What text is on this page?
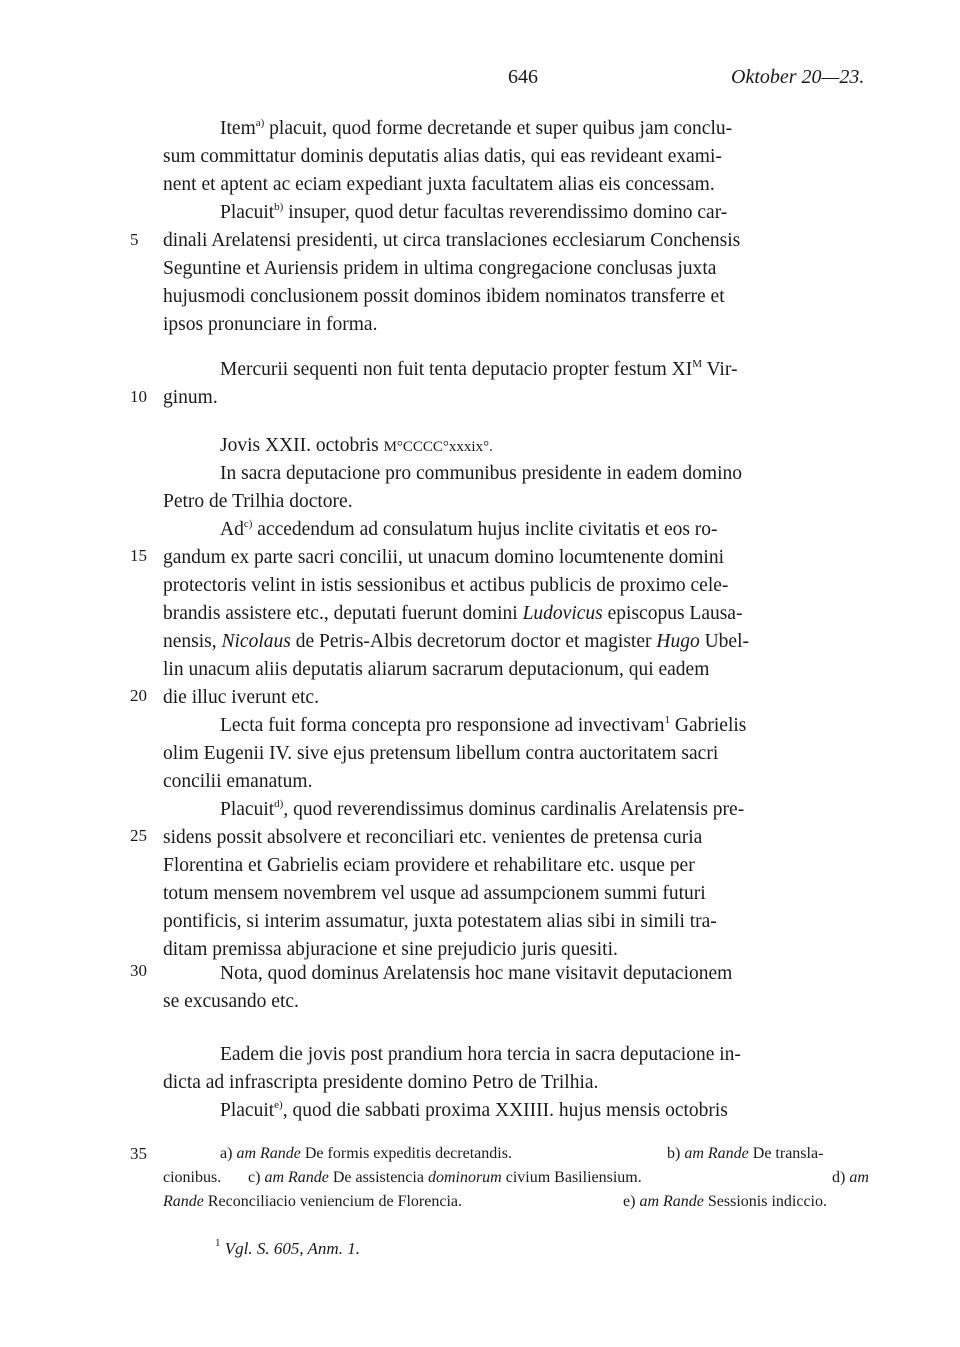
646	Oktober 20—23.
5
10
15
20
25
30
35
Item$^{a)}$ placuit, quod forme decretande et super quibus jam conclu-
sum committatur dominis deputatis alias datis, qui eas revideant exami-
nent et aptent ac eciam expediant juxta facultatem alias eis concessam.
Placuit$^{b)}$ insuper, quod detur facultas reverendissimo domino car-
dinali Arelatensi presidenti, ut circa translaciones ecclesiarum Conchensis
Seguntine et Auriensis pridem in ultima congregacione conclusas juxta
hujusmodi conclusionem possit dominos ibidem nominatos transferre et
ipsos pronunciare in forma.
Mercurii sequenti non fuit tenta deputacio propter festum $XI^M$ Vir-
ginum.
Jovis XXII. octobris M°CCCC°xxxix°.
In sacra deputacione pro communibus presidente in eadem domino
Petro de Trilhia doctore.
Ad$^{c)}$ accedendum ad consulatum hujus inclite civitatis et eos ro-
gandum ex parte sacri concilii, ut unacum domino locumtenente domini
protectoris velint in istis sessionibus et actibus publicis de proximo cele-
brandis assistere etc., deputati fuerunt domini Ludovicus episcopus Lausa-
nensis, Nicolaus de Petris-Albis decretorum doctor et magister Hugo Ubel-
lin unacum aliis deputatis aliarum sacrarum deputacionum, qui eadem
die illuc iverunt etc.
Lecta fuit forma concepta pro responsione ad invectivam$^1$ Gabrielis
olim Eugenii IV. sive ejus pretensum libellum contra auctoritatem sacri
concilii emanatum.
Placuit$^{d)}$, quod reverendissimus dominus cardinalis Arelatensis pre-
sidens possit absolvere et reconciliari etc. venientes de pretensa curia
Florentina et Gabrielis eciam providere et rehabilitare etc. usque per
totum mensem novembrem vel usque ad assumpcionem summi futuri
pontificis, si interim assumatur, juxta potestatem alias sibi in simili tra-
ditam premissa abjuracione et sine prejudicio juris quesiti.
Nota, quod dominus Arelatensis hoc mane visitavit deputacionem
se excusando etc.
Eadem die jovis post prandium hora tercia in sacra deputacione in-
dicta ad infrascripta presidente domino Petro de Trilhia.
Placuit$^{e)}$, quod die sabbati proxima XXIIII. hujus mensis octobris
a) am Rande De formis expeditis decretandis.	b) am Rande De transla-
cionibus. c) am Rande De assistencia dominorum civium Basiliensium.	d) am
Rande Reconciliacio veniencium de Florencia.	e) am Rande Sessionis indiccio.
$^1$ Vgl. S. 605, Anm. 1.
